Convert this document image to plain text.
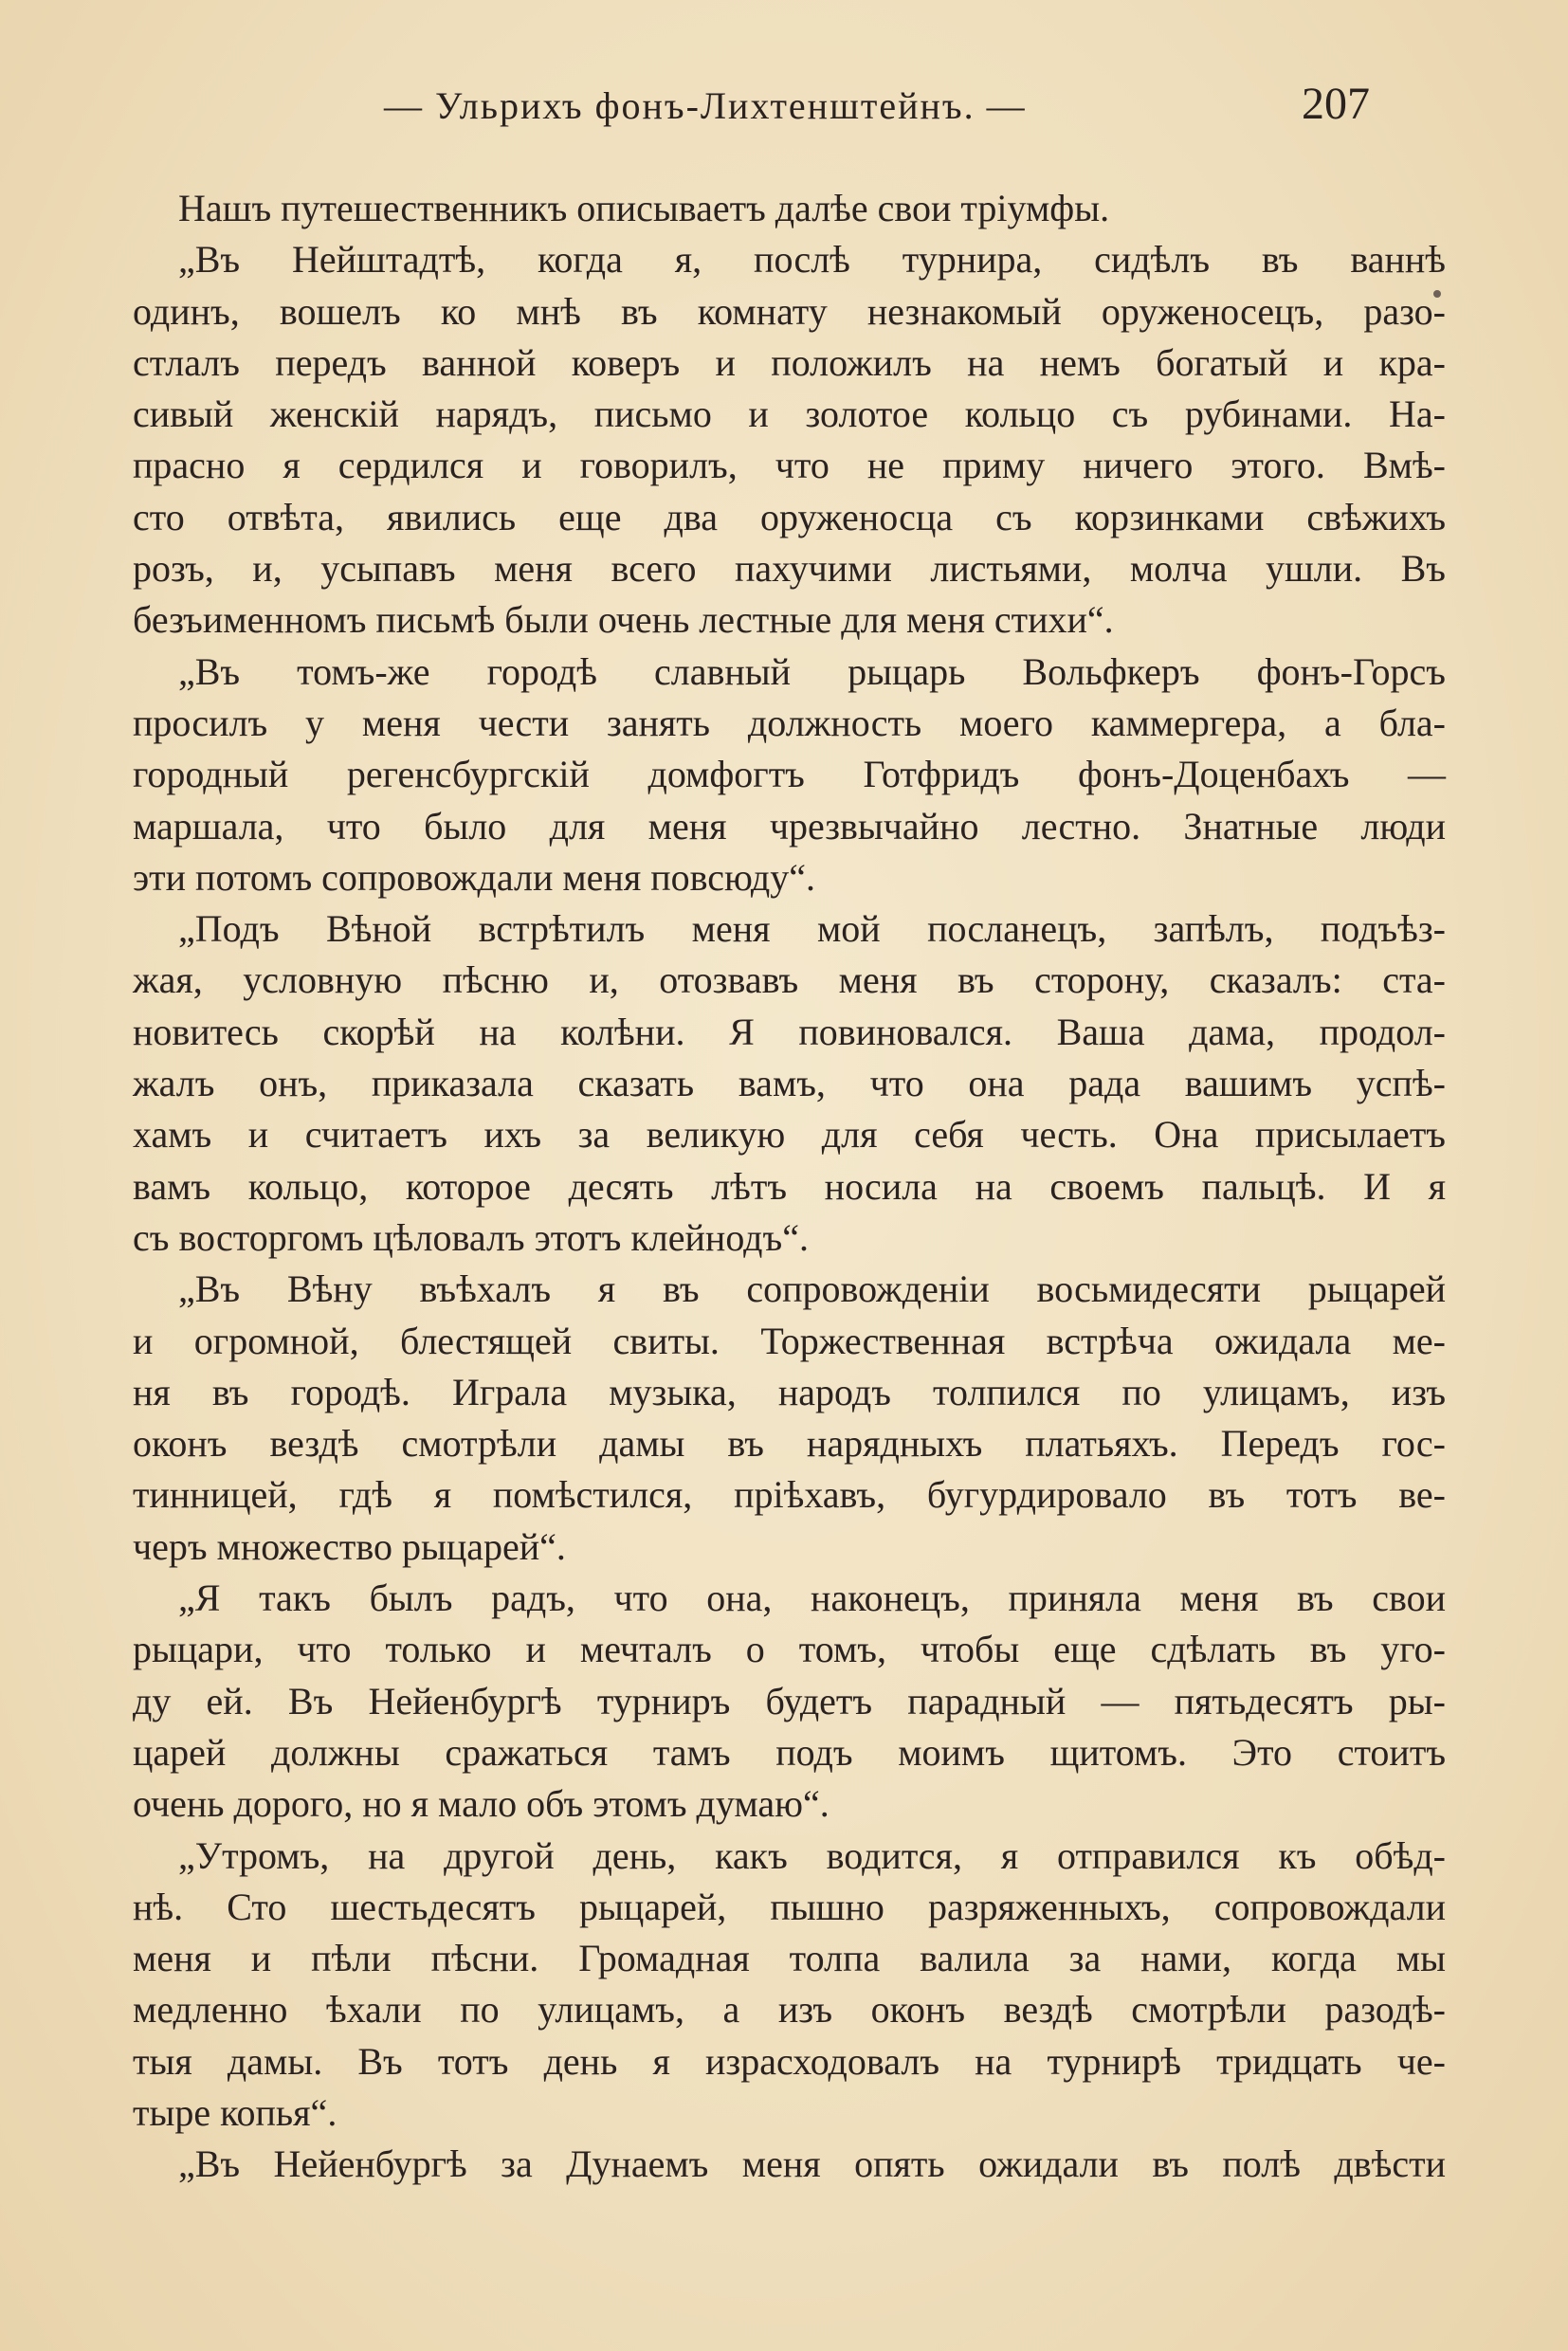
— Ульрихъ фонъ-Лихтенштейнъ. —	207
Нашъ путешественникъ описываетъ далѣе свои тріумфы.
„Въ Нейштадтѣ, когда я, послѣ турнира, сидѣлъ въ ваннѣ
одинъ, вошелъ ко мнѣ въ комнату незнакомый оруженосецъ, разо-
стлалъ передъ ванной коверъ и положилъ на немъ богатый и кра-
сивый женскій нарядъ, письмо и золотое кольцо съ рубинами. На-
прасно я сердился и говорилъ, что не приму ничего этого. Вмѣ-
сто отвѣта, явились еще два оруженосца съ корзинками свѣжихъ
розъ, и, усыпавъ меня всего пахучими листьями, молча ушли. Въ
безъименномъ письмѣ были очень лестные для меня стихи“.
„Въ томъ-же городѣ славный рыцарь Вольфкеръ фонъ-Горсъ
просилъ у меня чести занять должность моего каммергера, а бла-
городный регенсбургскій домфогтъ Готфридъ фонъ-Доценбахъ —
маршала, что было для меня чрезвычайно лестно. Знатные люди
эти потомъ сопровождали меня повсюду“.
„Подъ Вѣной встрѣтилъ меня мой посланецъ, запѣлъ, подъѣз-
жая, условную пѣсню и, отозвавъ меня въ сторону, сказалъ: ста-
новитесь скорѣй на колѣни. Я повиновался. Ваша дама, продол-
жалъ онъ, приказала сказать вамъ, что она рада вашимъ успѣ-
хамъ и считаетъ ихъ за великую для себя честь. Она присылаетъ
вамъ кольцо, которое десять лѣтъ носила на своемъ пальцѣ. И я
съ восторгомъ цѣловалъ этотъ клейнодъ“.
„Въ Вѣну въѣхалъ я въ сопровожденіи восьмидесяти рыцарей
и огромной, блестящей свиты. Торжественная встрѣча ожидала ме-
ня въ городѣ. Играла музыка, народъ толпился по улицамъ, изъ
оконъ вездѣ смотрѣли дамы въ нарядныхъ платьяхъ. Передъ гос-
тинницей, гдѣ я помѣстился, пріѣхавъ, бугурдировало въ тотъ ве-
черъ множество рыцарей“.
„Я такъ былъ радъ, что она, наконецъ, приняла меня въ свои
рыцари, что только и мечталъ о томъ, чтобы еще сдѣлать въ уго-
ду ей. Въ Нейенбургѣ турниръ будетъ парадный — пятьдесятъ ры-
царей должны сражаться тамъ подъ моимъ щитомъ. Это стоитъ
очень дорого, но я мало объ этомъ думаю“.
„Утромъ, на другой день, какъ водится, я отправился къ обѣд-
нѣ. Сто шестьдесятъ рыцарей, пышно разряженныхъ, сопровождали
меня и пѣли пѣсни. Громадная толпа валила за нами, когда мы
медленно ѣхали по улицамъ, а изъ оконъ вездѣ смотрѣли разодѣ-
тыя дамы. Въ тотъ день я израсходовалъ на турнирѣ тридцать че-
тыре копья“.
„Въ Нейенбургѣ за Дунаемъ меня опять ожидали въ полѣ двѣсти
